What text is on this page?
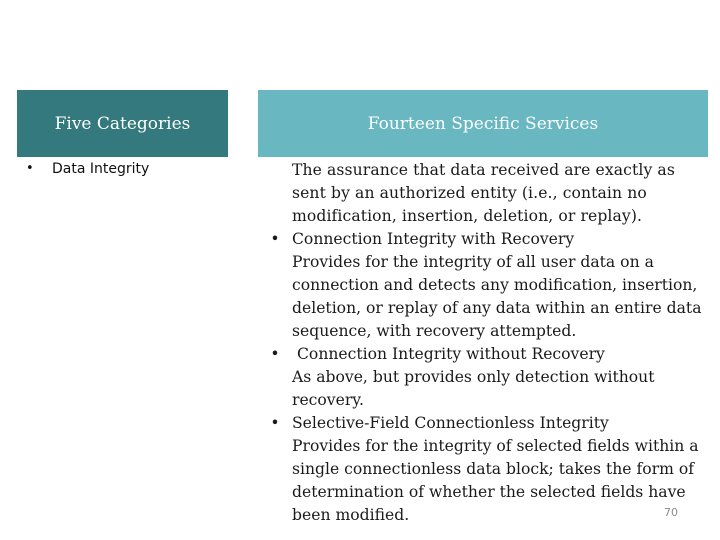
Five Categories	Fourteen Specific Services
• Data Integrity	The assurance that data received are exactly as sent by an authorized entity (i.e., contain no modification, insertion, deletion, or replay).
• Connection Integrity with Recovery
Provides for the integrity of all user data on a connection and detects any modification, insertion, deletion, or replay of any data within an entire data sequence, with recovery attempted.
•	Connection Integrity without Recovery
As above, but provides only detection without recovery.
• Selective-Field Connectionless Integrity
Provides for the integrity of selected fields within a single connectionless data block; takes the form of determination of whether the selected fields have been modified.	70
